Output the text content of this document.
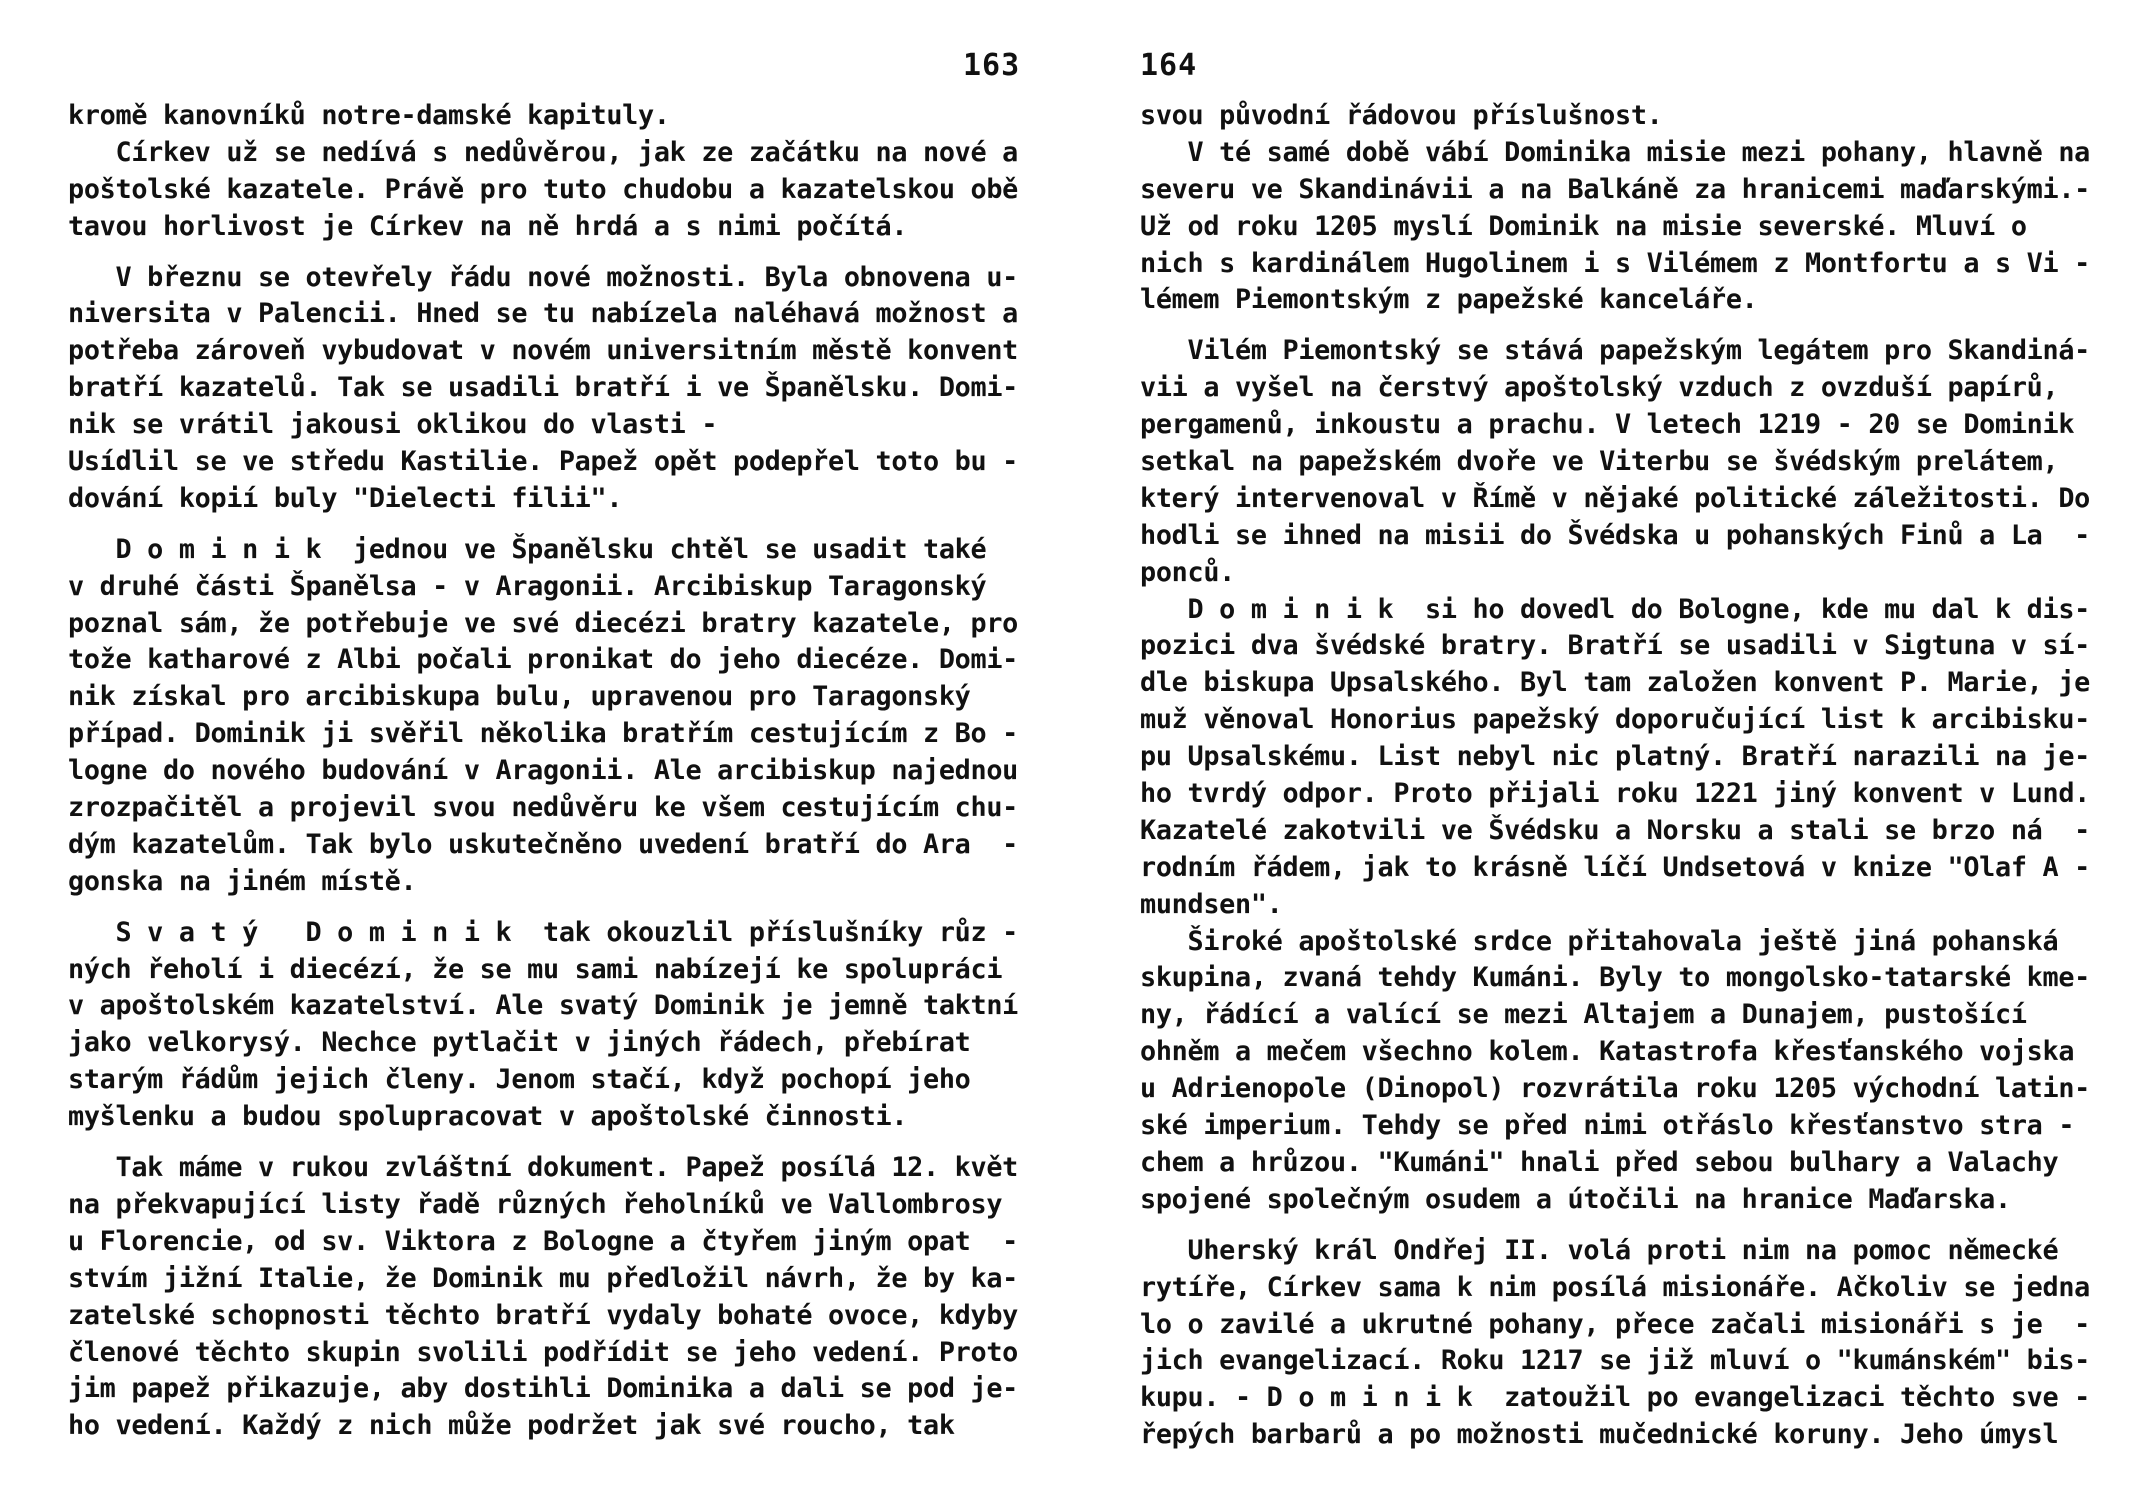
163
kromě kanovníků notre-damské kapituly.
Církev už se nedívá s nedůvěrou, jak ze začátku na nové a
poštolské kazatele. Právě pro tuto chudobu a kazatelskou obě
tavou horlivost je Církev na ně hrdá a s nimi počítá.
V březnu se otevřely řádu nové možnosti. Byla obnovena u-
niversita v Palencii. Hned se tu nabízela naléhavá možnost a
potřeba zároveň vybudovat v novém universitním městě konvent
bratří kazatelů. Tak se usadili bratří i ve Španělsku. Domi-
nik se vrátil jakousi oklikou do vlasti -
Usídlil se ve středu Kastilie. Papež opět podepřel toto bu -
dování kopií buly "Dielecti filii".
D o m i n i k  jednou ve Španělsku chtěl se usadit také
v druhé části Španělsa - v Aragonii. Arcibiskup Taragonský
poznal sám, že potřebuje ve své diecézi bratry kazatele, pro
tože katharové z Albi počali pronikat do jeho diecéze. Domi-
nik získal pro arcibiskupa bulu, upravenou pro Taragonský
případ. Dominik ji svěřil několika bratřím cestujícím z Bo -
logne do nového budování v Aragonii. Ale arcibiskup najednou
zrozpačitěl a projevil svou nedůvěru ke všem cestujícím chu-
dým kazatelům. Tak bylo uskutečněno uvedení bratří do Ara  -
gonska na jiném místě.
S v a t ý   D o m i n i k  tak okouzlil příslušníky růz -
ných řeholí i diecézí, že se mu sami nabízejí ke spolupráci
v apoštolském kazatelství. Ale svatý Dominik je jemně taktní
jako velkorysý. Nechce pytlačit v jiných řádech, přebírat
starým řádům jejich členy. Jenom stačí, když pochopí jeho
myšlenku a budou spolupracovat v apoštolské činnosti.
Tak máme v rukou zvláštní dokument. Papež posílá 12. květ
na překvapující listy řadě různých řeholníků ve Vallombrosy
u Florencie, od sv. Viktora z Bologne a čtyřem jiným opat  -
stvím jižní Italie, že Dominik mu předložil návrh, že by ka-
zatelské schopnosti těchto bratří vydaly bohaté ovoce, kdyby
členové těchto skupin svolili podřídit se jeho vedení. Proto
jim papež přikazuje, aby dostihli Dominika a dali se pod je-
ho vedení. Každý z nich může podržet jak své roucho, tak
164
svou původní řádovou příslušnost.
V té samé době vábí Dominika misie mezi pohany, hlavně na
severu ve Skandinávii a na Balkáně za hranicemi maďarskými.-
Už od roku 1205 myslí Dominik na misie severské. Mluví o
nich s kardinálem Hugolinem i s Vilémem z Montfortu a s Vi -
lémem Piemontským z papežské kanceláře.
Vilém Piemontský se stává papežským legátem pro Skandiná-
vii a vyšel na čerstvý apoštolský vzduch z ovzduší papírů,
pergamenů, inkoustu a prachu. V letech 1219 - 20 se Dominik
setkal na papežském dvoře ve Viterbu se švédským prelátem,
který intervenoval v Římě v nějaké politické záležitosti. Do
hodli se ihned na misii do Švédska u pohanských Finů a La  -
ponců.
D o m i n i k  si ho dovedl do Bologne, kde mu dal k dis-
pozici dva švédské bratry. Bratří se usadili v Sigtuna v sí-
dle biskupa Upsalského. Byl tam založen konvent P. Marie, je
muž věnoval Honorius papežský doporučující list k arcibisku-
pu Upsalskému. List nebyl nic platný. Bratří narazili na je-
ho tvrdý odpor. Proto přijali roku 1221 jiný konvent v Lund.
Kazatelé zakotvili ve Švédsku a Norsku a stali se brzo ná  -
rodním řádem, jak to krásně líčí Undsetová v knize "Olaf A -
mundsen".
Široké apoštolské srdce přitahovala ještě jiná pohanská
skupina, zvaná tehdy Kumáni. Byly to mongolsko-tatarské kme-
ny, řádící a valící se mezi Altajem a Dunajem, pustošící
ohněm a mečem všechno kolem. Katastrofa křesťanského vojska
u Adrienopole (Dinopol) rozvrátila roku 1205 východní latin-
ské imperium. Tehdy se před nimi otřáslo křesťanstvo stra -
chem a hrůzou. "Kumáni" hnali před sebou bulhary a Valachy
spojené společným osudem a útočili na hranice Maďarska.
Uherský král Ondřej II. volá proti nim na pomoc německé
rytíře, Církev sama k nim posílá misionáře. Ačkoliv se jedna
lo o zavilé a ukrutné pohany, přece začali misionáři s je  -
jich evangelizací. Roku 1217 se již mluví o "kumánském" bis-
kupu. - D o m i n i k  zatoužil po evangelizaci těchto sve -
řepých barbarů a po možnosti mučednické koruny. Jeho úmysl
